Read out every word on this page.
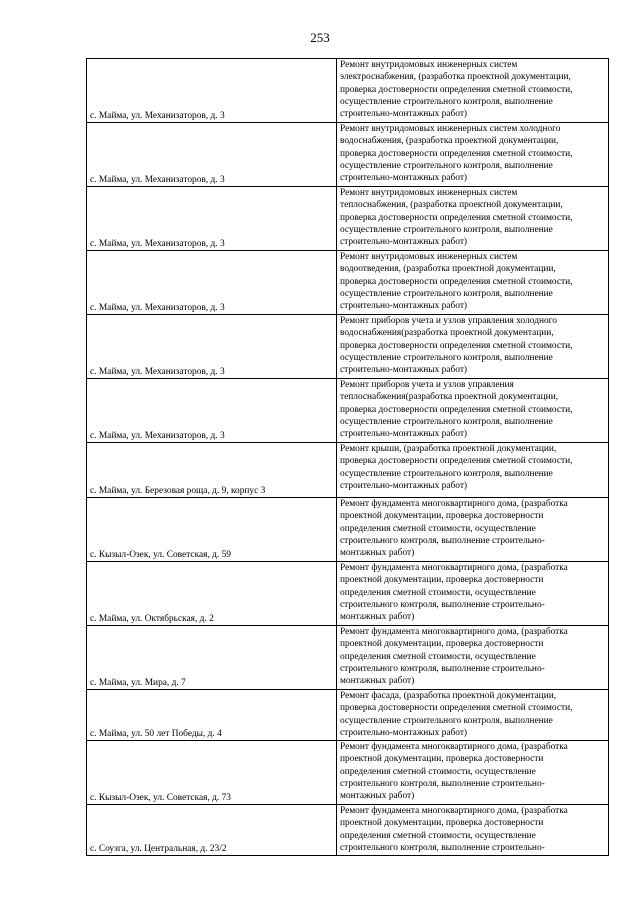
253
с. Майма, ул. Механизаторов, д. 3	Ремонт внутридомовых инженерных систем
электроснабжения, (разработка проектной документации,
проверка достоверности определения сметной стоимости,
осуществление строительного контроля, выполнение
строительно-монтажных работ)
с. Майма, ул. Механизаторов, д. 3	Ремонт внутридомовых инженерных систем холодного
водоснабжения, (разработка проектной документации,
проверка достоверности определения сметной стоимости,
осуществление строительного контроля, выполнение
строительно-монтажных работ)
с. Майма, ул. Механизаторов, д. 3	Ремонт внутридомовых инженерных систем
теплоснабжения, (разработка проектной документации,
проверка достоверности определения сметной стоимости,
осуществление строительного контроля, выполнение
строительно-монтажных работ)
с. Майма, ул. Механизаторов, д. 3	Ремонт внутридомовых инженерных систем
водоотведения, (разработка проектной документации,
проверка достоверности определения сметной стоимости,
осуществление строительного контроля, выполнение
строительно-монтажных работ)
с. Майма, ул. Механизаторов, д. 3	Ремонт приборов учета и узлов управления холодного
водоснабжения(разработка проектной документации,
проверка достоверности определения сметной стоимости,
осуществление строительного контроля, выполнение
строительно-монтажных работ)
с. Майма, ул. Механизаторов, д. 3	Ремонт приборов учета и узлов управления
теплоснабжения(разработка проектной документации,
проверка достоверности определения сметной стоимости,
осуществление строительного контроля, выполнение
строительно-монтажных работ)
с. Майма, ул. Березовая роща, д. 9, корпус 3	Ремонт крыши, (разработка проектной документации,
проверка достоверности определения сметной стоимости,
осуществление строительного контроля, выполнение
строительно-монтажных работ)
с. Кызыл-Озек, ул. Советская, д. 59	Ремонт фундамента многоквартирного дома, (разработка
проектной документации, проверка достоверности
определения сметной стоимости, осуществление
строительного контроля, выполнение строительно-
монтажных работ)
с. Майма, ул. Октябрьская, д. 2	Ремонт фундамента многоквартирного дома, (разработка
проектной документации, проверка достоверности
определения сметной стоимости, осуществление
строительного контроля, выполнение строительно-
монтажных работ)
с. Майма, ул. Мира, д. 7	Ремонт фундамента многоквартирного дома, (разработка
проектной документации, проверка достоверности
определения сметной стоимости, осуществление
строительного контроля, выполнение строительно-
монтажных работ)
с. Майма, ул. 50 лет Победы, д. 4	Ремонт фасада, (разработка проектной документации,
проверка достоверности определения сметной стоимости,
осуществление строительного контроля, выполнение
строительно-монтажных работ)
с. Кызыл-Озек, ул. Советская, д. 73	Ремонт фундамента многоквартирного дома, (разработка
проектной документации, проверка достоверности
определения сметной стоимости, осуществление
строительного контроля, выполнение строительно-
монтажных работ)
с. Соузга, ул. Центральная, д. 23/2	Ремонт фундамента многоквартирного дома, (разработка
проектной документации, проверка достоверности
определения сметной стоимости, осуществление
строительного контроля, выполнение строительно-
